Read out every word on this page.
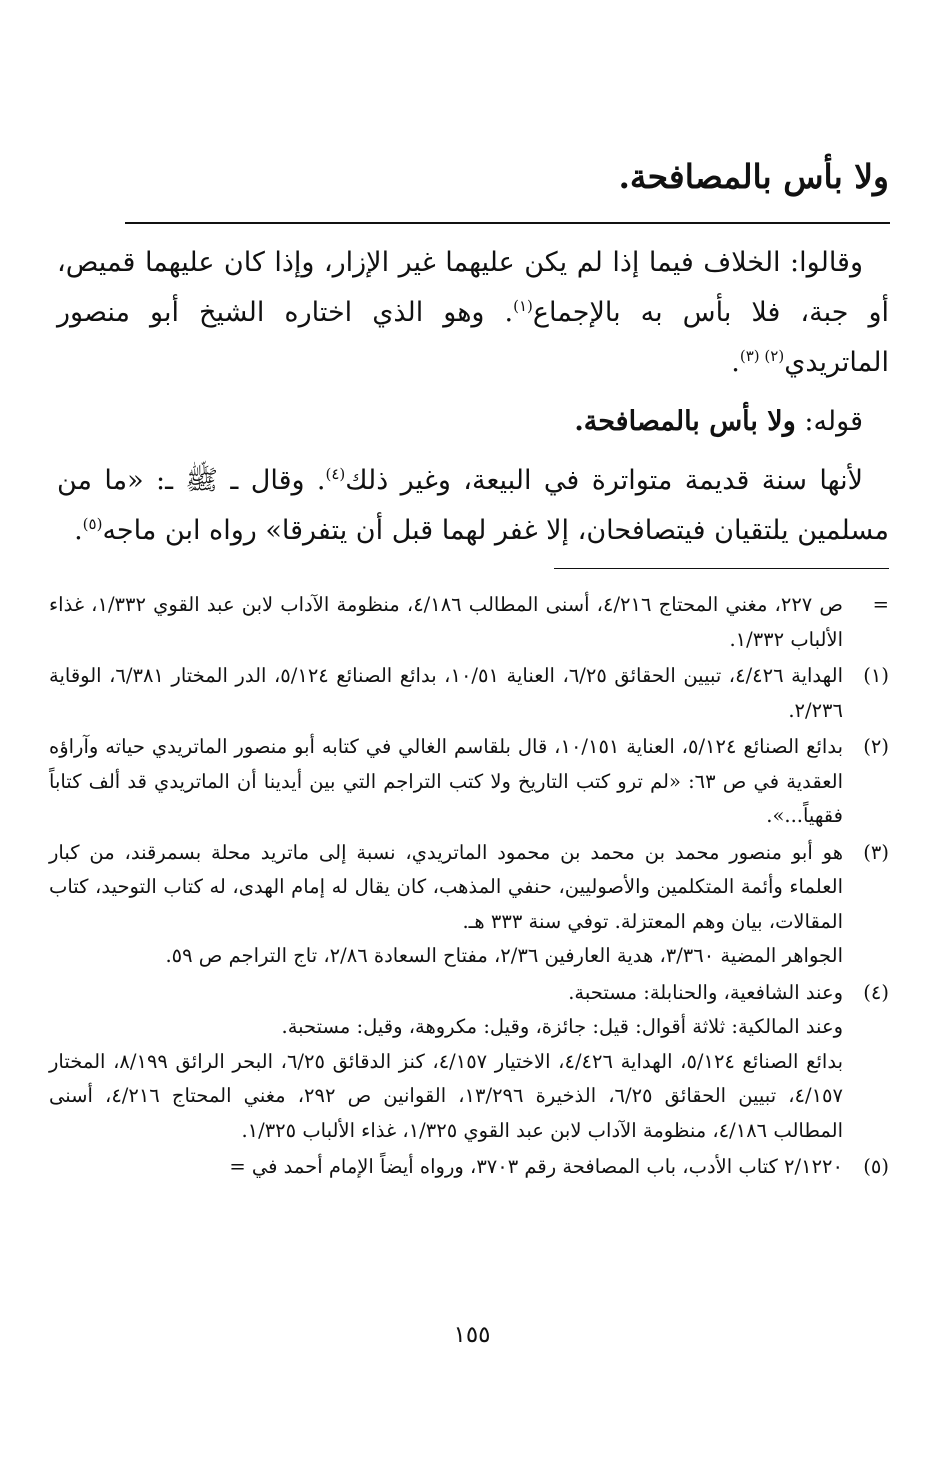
ولا بأس بالمصافحة.

وقالوا: الخلاف فيما إذا لم يكن عليهما غير الإزار، وإذا كان عليهما قميص، أو جبة، فلا بأس به بالإجماع$^{(١)}$. وهو الذي اختاره الشيخ أبو منصور الماتريدي$^{(٢) (٣)}$.

قوله: ولا بأس بالمصافحة.

لأنها سنة قديمة متواترة في البيعة، وغير ذلك$^{(٤)}$. وقال ـ ﷺ ـ: «ما من مسلمين يلتقيان فيتصافحان، إلا غفر لهما قبل أن يتفرقا» رواه ابن ماجه$^{(٥)}$.

=

ص ٢٢٧، مغني المحتاج ٤/٢١٦، أسنى المطالب ٤/١٨٦، منظومة الآداب لابن عبد القوي ١/٣٣٢، غذاء الألباب ١/٣٣٢.

(١)

الهداية ٤/٤٢٦، تبيين الحقائق ٦/٢٥، العناية ١٠/٥١، بدائع الصنائع ٥/١٢٤، الدر المختار ٦/٣٨١، الوقاية ٢/٢٣٦.

(٢)

بدائع الصنائع ٥/١٢٤، العناية ١٠/١٥١، قال بلقاسم الغالي في كتابه أبو منصور الماتريدي حياته وآراؤه العقدية في ص ٦٣: «لم ترو كتب التاريخ ولا كتب التراجم التي بين أيدينا أن الماتريدي قد ألف كتاباً فقهياً...».

(٣)

هو أبو منصور محمد بن محمد بن محمود الماتريدي، نسبة إلى ماتريد محلة بسمرقند، من كبار العلماء وأئمة المتكلمين والأصوليين، حنفي المذهب، كان يقال له إمام الهدى، له كتاب التوحيد، كتاب المقالات، بيان وهم المعتزلة. توفي سنة ٣٣٣ هـ.

الجواهر المضية ٣/٣٦٠، هدية العارفين ٢/٣٦، مفتاح السعادة ٢/٨٦، تاج التراجم ص ٥٩.

(٤)

وعند الشافعية، والحنابلة: مستحبة.

وعند المالكية: ثلاثة أقوال: قيل: جائزة، وقيل: مكروهة، وقيل: مستحبة.

بدائع الصنائع ٥/١٢٤، الهداية ٤/٤٢٦، الاختيار ٤/١٥٧، كنز الدقائق ٦/٢٥، البحر الرائق ٨/١٩٩، المختار ٤/١٥٧، تبيين الحقائق ٦/٢٥، الذخيرة ١٣/٢٩٦، القوانين ص ٢٩٢، مغني المحتاج ٤/٢١٦، أسنى المطالب ٤/١٨٦، منظومة الآداب لابن عبد القوي ١/٣٢٥، غذاء الألباب ١/٣٢٥.

(٥)

٢/١٢٢٠ كتاب الأدب، باب المصافحة رقم ٣٧٠٣، ورواه أيضاً الإمام أحمد في =

١٥٥
